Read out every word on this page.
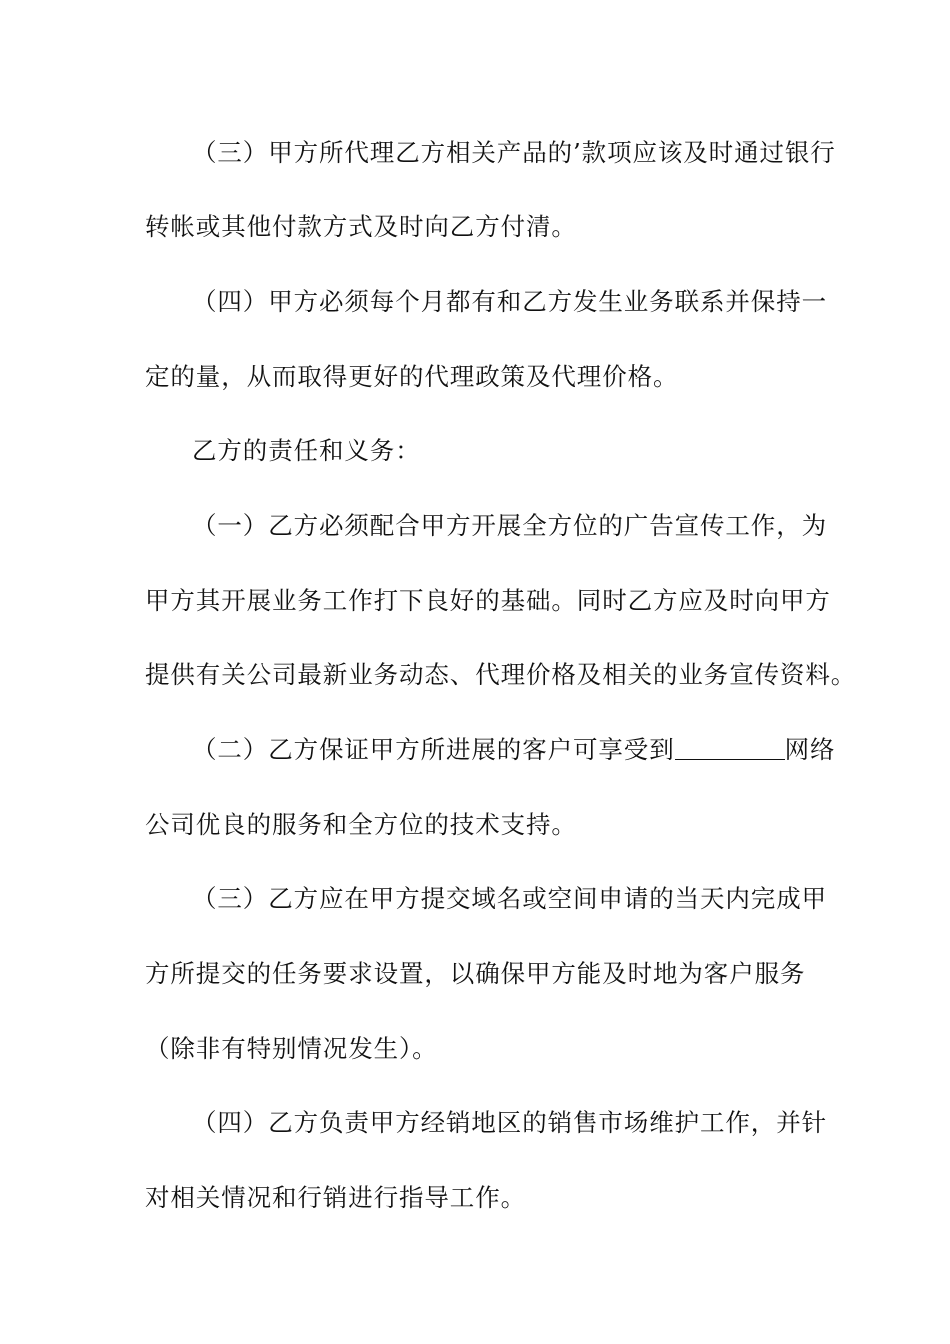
（三）甲方所代理乙方相关产品的’款项应该及时通过银行
转帐或其他付款方式及时向乙方付清。
（四）甲方必须每个月都有和乙方发生业务联系并保持一
定的量，从而取得更好的代理政策及代理价格。
乙方的责任和义务：
（一）乙方必须配合甲方开展全方位的广告宣传工作，为
甲方其开展业务工作打下良好的基础。同时乙方应及时向甲方
提供有关公司最新业务动态、代理价格及相关的业务宣传资料。
（二）乙方保证甲方所进展的客户可享受到	网络
公司优良的服务和全方位的技术支持。
（三）乙方应在甲方提交域名或空间申请的当天内完成甲
方所提交的任务要求设置，以确保甲方能及时地为客户服务
（除非有特别情况发生）。
（四）乙方负责甲方经销地区的销售市场维护工作，并针
对相关情况和行销进行指导工作。
